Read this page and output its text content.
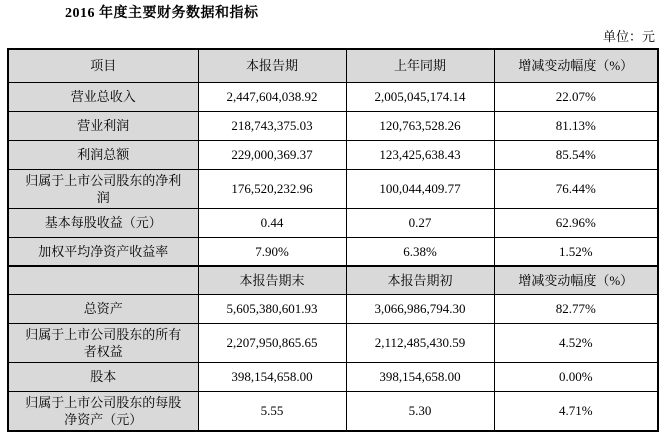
2016 年度主要财务数据和指标
单位：元
项目	本报告期	上年同期	增减变动幅度（%）
营业总收入	2,447,604,038.92	2,005,045,174.14	22.07%
营业利润	218,743,375.03	120,763,528.26	81.13%
利润总额	229,000,369.37	123,425,638.43	85.54%
归属于上市公司股东的净利润	176,520,232.96	100,044,409.77	76.44%
基本每股收益（元）	0.44	0.27	62.96%
加权平均净资产收益率	7.90%	6.38%	1.52%
	本报告期末	本报告期初	增减变动幅度（%）
总资产	5,605,380,601.93	3,066,986,794.30	82.77%
归属于上市公司股东的所有者权益	2,207,950,865.65	2,112,485,430.59	4.52%
股本	398,154,658.00	398,154,658.00	0.00%
归属于上市公司股东的每股净资产（元）	5.55	5.30	4.71%
